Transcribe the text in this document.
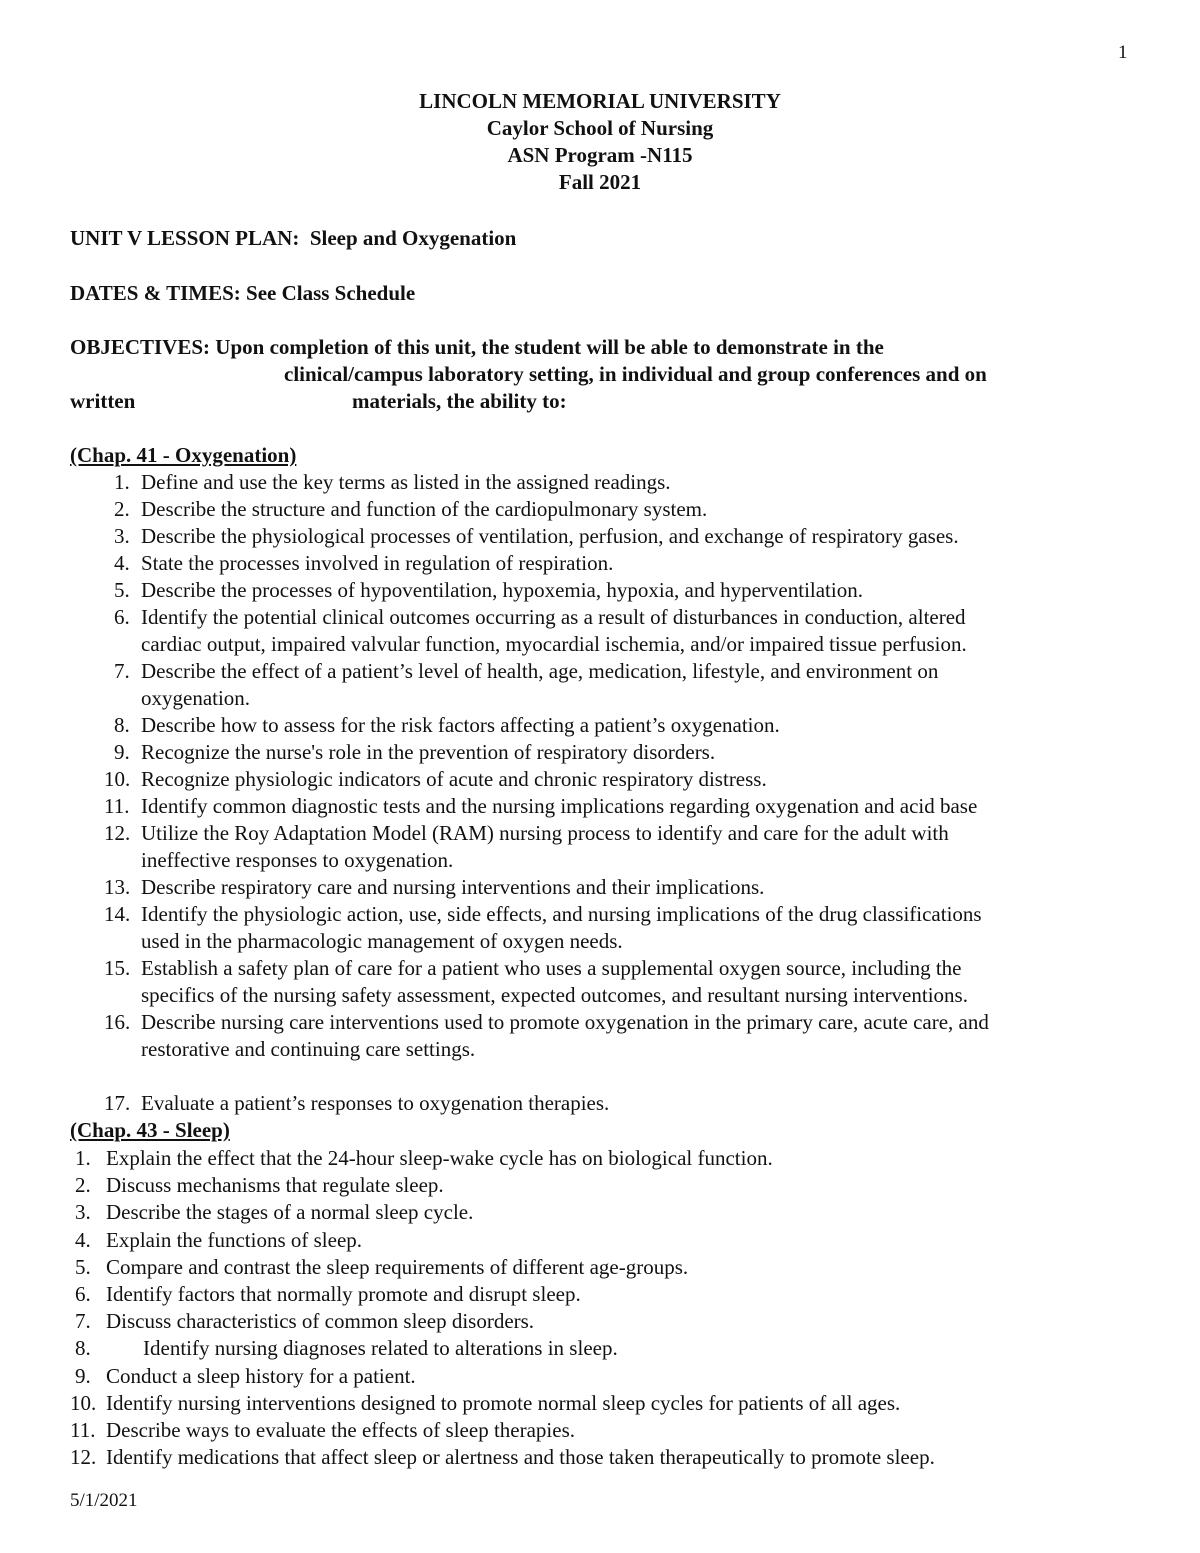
1
LINCOLN MEMORIAL UNIVERSITY
Caylor School of Nursing
ASN Program -N115
Fall 2021
UNIT V LESSON PLAN: Sleep and Oxygenation
DATES & TIMES: See Class Schedule
OBJECTIVES: Upon completion of this unit, the student will be able to demonstrate in the
clinical/campus laboratory setting, in individual and group conferences and on
written	materials, the ability to:
(Chap. 41 - Oxygenation)
1. Define and use the key terms as listed in the assigned readings.
2. Describe the structure and function of the cardiopulmonary system.
3. Describe the physiological processes of ventilation, perfusion, and exchange of respiratory gases.
4. State the processes involved in regulation of respiration.
5. Describe the processes of hypoventilation, hypoxemia, hypoxia, and hyperventilation.
6. Identify the potential clinical outcomes occurring as a result of disturbances in conduction, altered
cardiac output, impaired valvular function, myocardial ischemia, and/or impaired tissue perfusion.
7. Describe the effect of a patient’s level of health, age, medication, lifestyle, and environment on
oxygenation.
8. Describe how to assess for the risk factors affecting a patient’s oxygenation.
9. Recognize the nurse's role in the prevention of respiratory disorders.
10. Recognize physiologic indicators of acute and chronic respiratory distress.
11. Identify common diagnostic tests and the nursing implications regarding oxygenation and acid base
12. Utilize the Roy Adaptation Model (RAM) nursing process to identify and care for the adult with
ineffective responses to oxygenation.
13. Describe respiratory care and nursing interventions and their implications.
14. Identify the physiologic action, use, side effects, and nursing implications of the drug classifications
used in the pharmacologic management of oxygen needs.
15. Establish a safety plan of care for a patient who uses a supplemental oxygen source, including the
specifics of the nursing safety assessment, expected outcomes, and resultant nursing interventions.
16. Describe nursing care interventions used to promote oxygenation in the primary care, acute care, and
restorative and continuing care settings.
17. Evaluate a patient’s responses to oxygenation therapies.
(Chap. 43 - Sleep)
1. Explain the effect that the 24-hour sleep-wake cycle has on biological function.
2. Discuss mechanisms that regulate sleep.
3. Describe the stages of a normal sleep cycle.
4. Explain the functions of sleep.
5. Compare and contrast the sleep requirements of different age-groups.
6. Identify factors that normally promote and disrupt sleep.
7. Discuss characteristics of common sleep disorders.
8. Identify nursing diagnoses related to alterations in sleep.
9. Conduct a sleep history for a patient.
10. Identify nursing interventions designed to promote normal sleep cycles for patients of all ages.
11. Describe ways to evaluate the effects of sleep therapies.
12. Identify medications that affect sleep or alertness and those taken therapeutically to promote sleep.
5/1/2021
